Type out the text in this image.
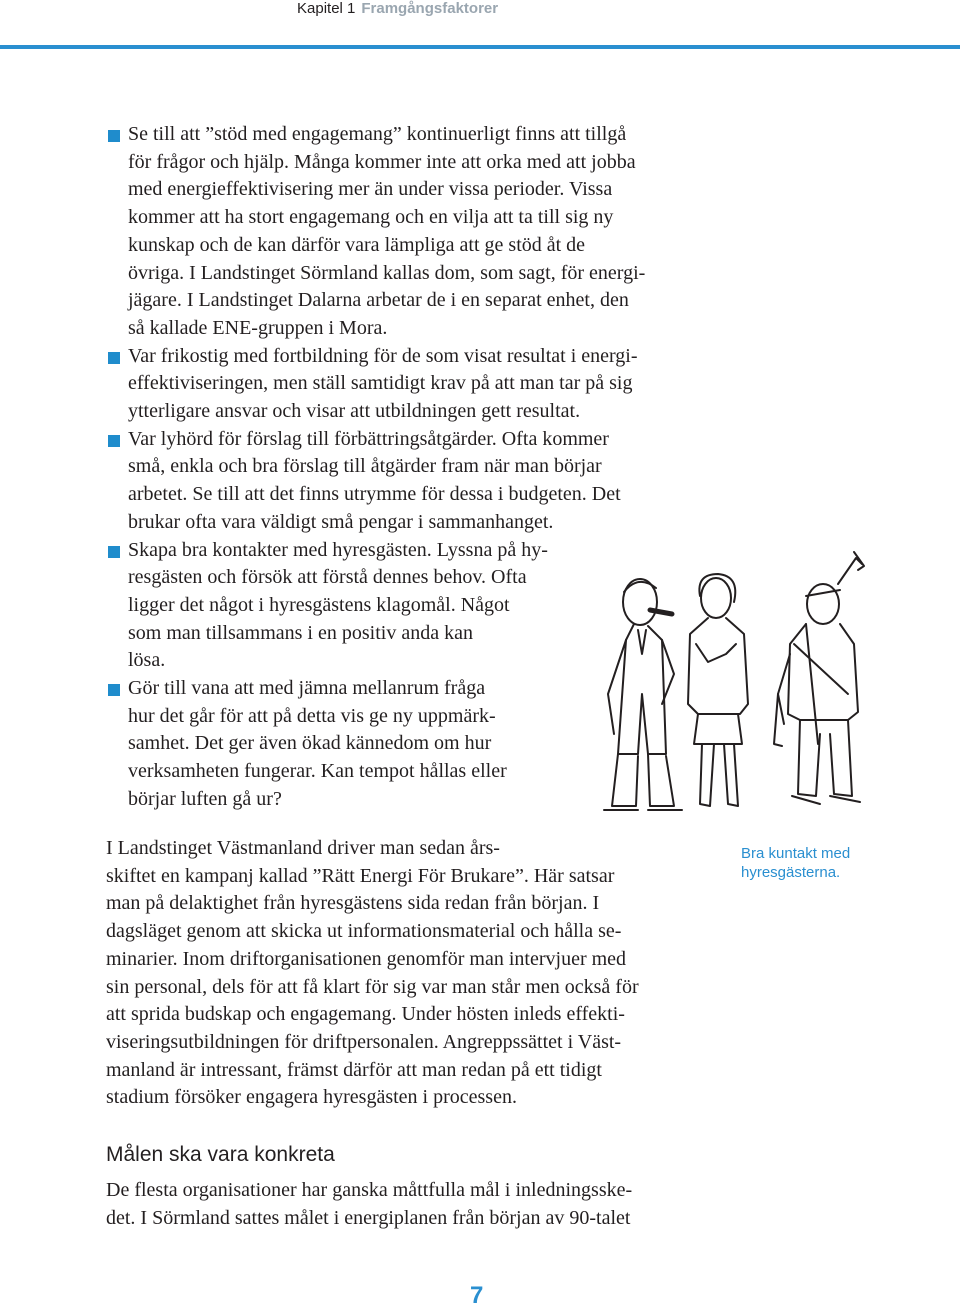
Kapitel 1 Framgångsfaktorer

Se till att ”stöd med engagemang” kontinuerligt finns att tillgå
för frågor och hjälp. Många kommer inte att orka med att jobba
med energieffektivisering mer än under vissa perioder. Vissa
kommer att ha stort engagemang och en vilja att ta till sig ny
kunskap och de kan därför vara lämpliga att ge stöd åt de
övriga. I Landstinget Sörmland kallas dom, som sagt, för energi-
jägare. I Landstinget Dalarna arbetar de i en separat enhet, den
så kallade ENE-gruppen i Mora.

Var frikostig med fortbildning för de som visat resultat i energi-
effektiviseringen, men ställ samtidigt krav på att man tar på sig
ytterligare ansvar och visar att utbildningen gett resultat.

Var lyhörd för förslag till förbättringsåtgärder. Ofta kommer
små, enkla och bra förslag till åtgärder fram när man börjar
arbetet. Se till att det finns utrymme för dessa i budgeten. Det
brukar ofta vara väldigt små pengar i sammanhanget.

Skapa bra kontakter med hyresgästen. Lyssna på hy-
resgästen och försök att förstå dennes behov. Ofta
ligger det något i hyresgästens klagomål. Något
som man tillsammans i en positiv anda kan
lösa.

Gör till vana att med jämna mellanrum fråga
hur det går för att på detta vis ge ny uppmärk-
samhet. Det ger även ökad kännedom om hur
verksamheten fungerar. Kan tempot hållas eller
börjar luften gå ur?

Bra kuntakt med
hyresgästerna.

I Landstinget Västmanland driver man sedan års-
skiftet en kampanj kallad ”Rätt Energi För Brukare”. Här satsar
man på delaktighet från hyresgästens sida redan från början. I
dagsläget genom att skicka ut informationsmaterial och hålla se-
minarier. Inom driftorganisationen genomför man intervjuer med
sin personal, dels för att få klart för sig var man står men också för
att sprida budskap och engagemang. Under hösten inleds effekti-
viseringsutbildningen för driftpersonalen. Angreppssättet i Väst-
manland är intressant, främst därför att man redan på ett tidigt
stadium försöker engagera hyresgästen i processen.

Målen ska vara konkreta

De flesta organisationer har ganska måttfulla mål i inledningsske-
det. I Sörmland sattes målet i energiplanen från början av 90-talet

7
